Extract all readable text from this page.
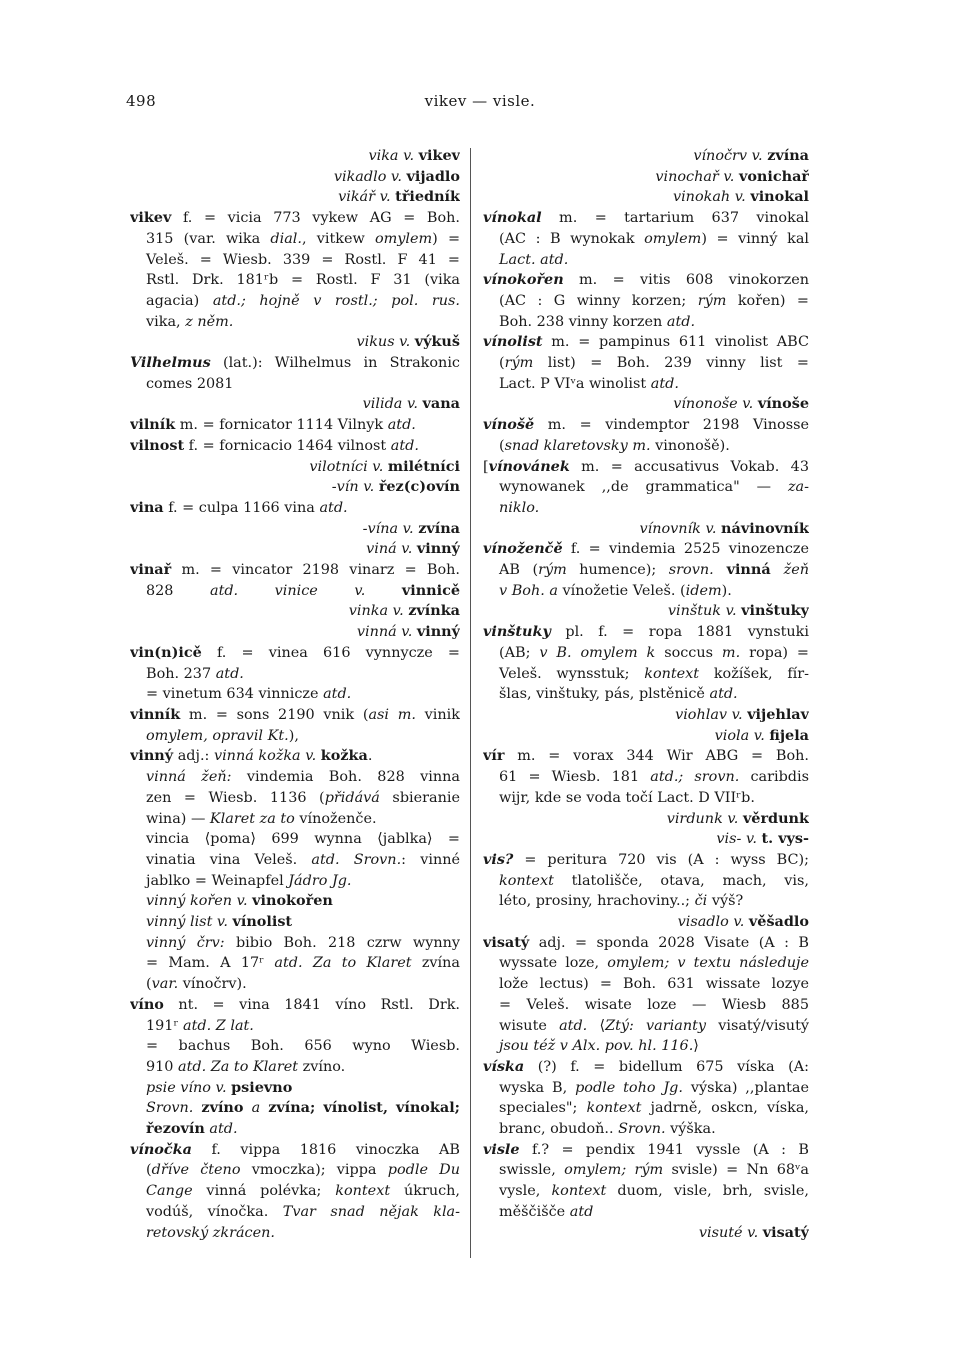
498	vikev — visle.
vika v. vikev
vikadlo v. vijadlo
vikář v. třiedník
vikev f. = vicia 773 vykew AG = Boh.
315 (var. wika dial., vitkew omylem) =
Veleš. = Wiesb. 339 = Rostl. F 41 =
Rstl. Drk. 181ʳb = Rostl. F 31 (vika
agacia) atd.; hojně v rostl.; pol. rus.
vika, z něm.
vikus v. výkuš
Vilhelmus (lat.): Wilhelmus in Strakonic
comes 2081
vilida v. vana
vilník m. = fornicator 1114 Vilnyk atd.
vilnost f. = fornicacio 1464 vilnost atd.
vilotníci v. milétníci
-vín v. řez(c)ovín
vina f. = culpa 1166 vina atd.
-vína v. zvína
viná v. vinný
vinař m. = vincator 2198 vinarz = Boh.
828 atd. vinice v. vinnicě
vinka v. zvínka
vinná v. vinný
vin(n)icě f. = vinea 616 vynnycze =
Boh. 237 atd.
= vinetum 634 vinnicze atd.
vinník m. = sons 2190 vnik (asi m. vinik
omylem, opravil Kt.),
vinný adj.: vinná kožka v. kožka.
vinná žeň: vindemia Boh. 828 vinna
zen = Wiesb. 1136 (přidává sbieranie
wina) — Klaret za to vínoženče.
vincia ⟨poma⟩ 699 wynna ⟨jablka⟩ =
vinatia vina Veleš. atd. Srovn.: vinné
jablko = Weinapfel Jádro Jg.
vinný kořen v. vinokořen
vinný list v. vínolist
vinný črv: bibio Boh. 218 czrw wynny
= Mam. A 17ʳ atd. Za to Klaret zvína
(var. vínočrv).
víno nt. = vina 1841 víno Rstl. Drk.
191ʳ atd. Z lat.
= bachus Boh. 656 wyno Wiesb.
910 atd. Za to Klaret zvíno.
psie víno v. psievno
Srovn. zvíno a zvína; vínolist, vínokal;
řezovín atd.
vínočka f. vippa 1816 vinoczka AB
(dříve čteno vmoczka); vippa podle Du
Cange vinná polévka; kontext úkruch,
vodúš, vínočka. Tvar snad nějak kla-
retovský zkrácen.
vínočrv v. zvína
vinochař v. vonichař
vinokah v. vinokal
vínokal m. = tartarium 637 vinokal
(AC : B wynokak omylem) = vinný kal
Lact. atd.
vínokořen m. = vitis 608 vinokorzen
(AC : G winny korzen; rým kořen) =
Boh. 238 vinny korzen atd.
vínolist m. = pampinus 611 vinolist ABC
(rým list) = Boh. 239 vinny list =
Lact. P VIᵛa winolist atd.
vínonoše v. vínoše
vínošě m. = vindemptor 2198 Vinosse
(snad klaretovsky m. vinonošě).
[vínovánek m. = accusativus Vokab. 43
wynowanek ,,de grammatica" — za-
niklo.
vínovník v. návinovník
vínoženčě f. = vindemia 2525 vinozencze
AB (rým humence); srovn. vinná žeň
v Boh. a vínožetie Veleš. (idem).
vinštuk v. vinštuky
vinštuky pl. f. = ropa 1881 vynstuki
(AB; v B. omylem k soccus m. ropa) =
Veleš. wynsstuk; kontext kožíšek, fír-
šlas, vinštuky, pás, plstěnicě atd.
viohlav v. vijehlav
viola v. fijela
vír m. = vorax 344 Wir ABG = Boh.
61 = Wiesb. 181 atd.; srovn. caribdis
wijr, kde se voda točí Lact. D VIIʳb.
virdunk v. věrdunk
vis- v. t. vys-
vis? = peritura 720 vis (A : wyss BC);
kontext tlatolišče, otava, mach, vis,
léto, prosiny, hrachoviny..; či výš?
visadlo v. věšadlo
visatý adj. = sponda 2028 Visate (A : B
wyssate loze, omylem; v textu následuje
lože lectus) = Boh. 631 wissate lozye
= Veleš. wisate loze — Wiesb 885
wisute atd. ⟨Ztý: varianty visatý/visutý
jsou též v Alx. pov. hl. 116.⟩
víska (?) f. = bidellum 675 víska (A:
wyska B, podle toho Jg. výska) ,,plantae
speciales"; kontext jadrně, oskcn, víska,
branc, obudoň.. Srovn. výška.
visle f.? = pendix 1941 vyssle (A : B
swissle, omylem; rým svisle) = Nn 68ᵛa
vysle, kontext duom, visle, brh, svisle,
měščišče atd
visuté v. visatý
